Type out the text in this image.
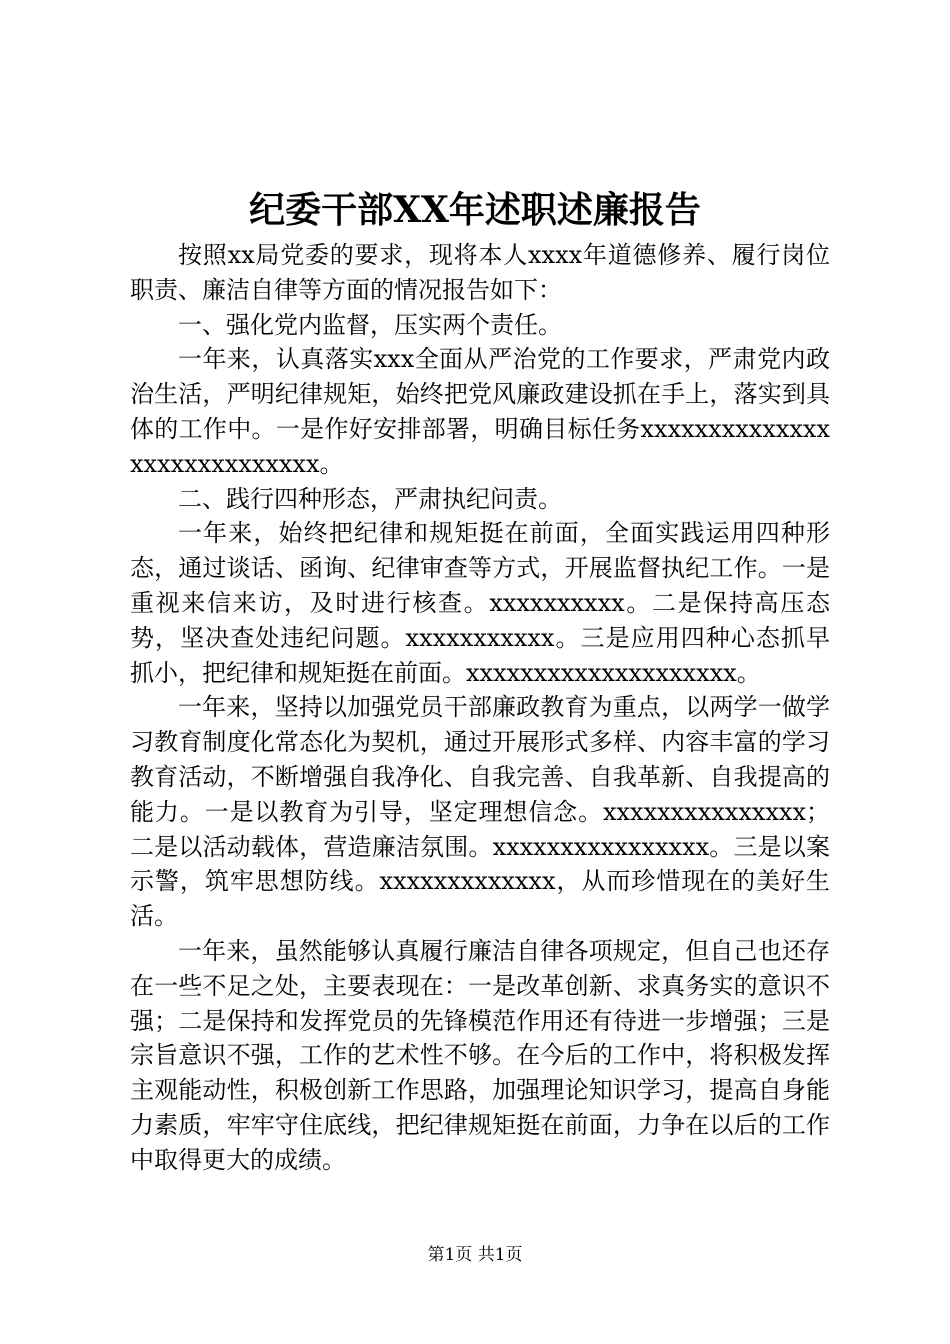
纪委干部XX年述职述廉报告

按照xx局党委的要求，现将本人xxxx年道德修养、履行岗位职责、廉洁自律等方面的情况报告如下：

一、强化党内监督，压实两个责任。

一年来，认真落实xxx全面从严治党的工作要求，严肃党内政治生活，严明纪律规矩，始终把党风廉政建设抓在手上，落实到具体的工作中。一是作好安排部署，明确目标任务xxxxxxxxxxxxxxxxxxxxxxxxxxxx。

二、践行四种形态，严肃执纪问责。

一年来，始终把纪律和规矩挺在前面，全面实践运用四种形态，通过谈话、函询、纪律审查等方式，开展监督执纪工作。一是重视来信来访，及时进行核查。xxxxxxxxxx。二是保持高压态势，坚决查处违纪问题。xxxxxxxxxxx。三是应用四种心态抓早抓小，把纪律和规矩挺在前面。xxxxxxxxxxxxxxxxxxxx。

一年来，坚持以加强党员干部廉政教育为重点，以两学一做学习教育制度化常态化为契机，通过开展形式多样、内容丰富的学习教育活动，不断增强自我净化、自我完善、自我革新、自我提高的能力。一是以教育为引导，坚定理想信念。xxxxxxxxxxxxxxx；二是以活动载体，营造廉洁氛围。xxxxxxxxxxxxxxxx。三是以案示警，筑牢思想防线。xxxxxxxxxxxxx，从而珍惜现在的美好生活。

一年来，虽然能够认真履行廉洁自律各项规定，但自己也还存在一些不足之处，主要表现在：一是改革创新、求真务实的意识不强；二是保持和发挥党员的先锋模范作用还有待进一步增强；三是宗旨意识不强，工作的艺术性不够。在今后的工作中，将积极发挥主观能动性，积极创新工作思路，加强理论知识学习，提高自身能力素质，牢牢守住底线，把纪律规矩挺在前面，力争在以后的工作中取得更大的成绩。

第1页 共1页
